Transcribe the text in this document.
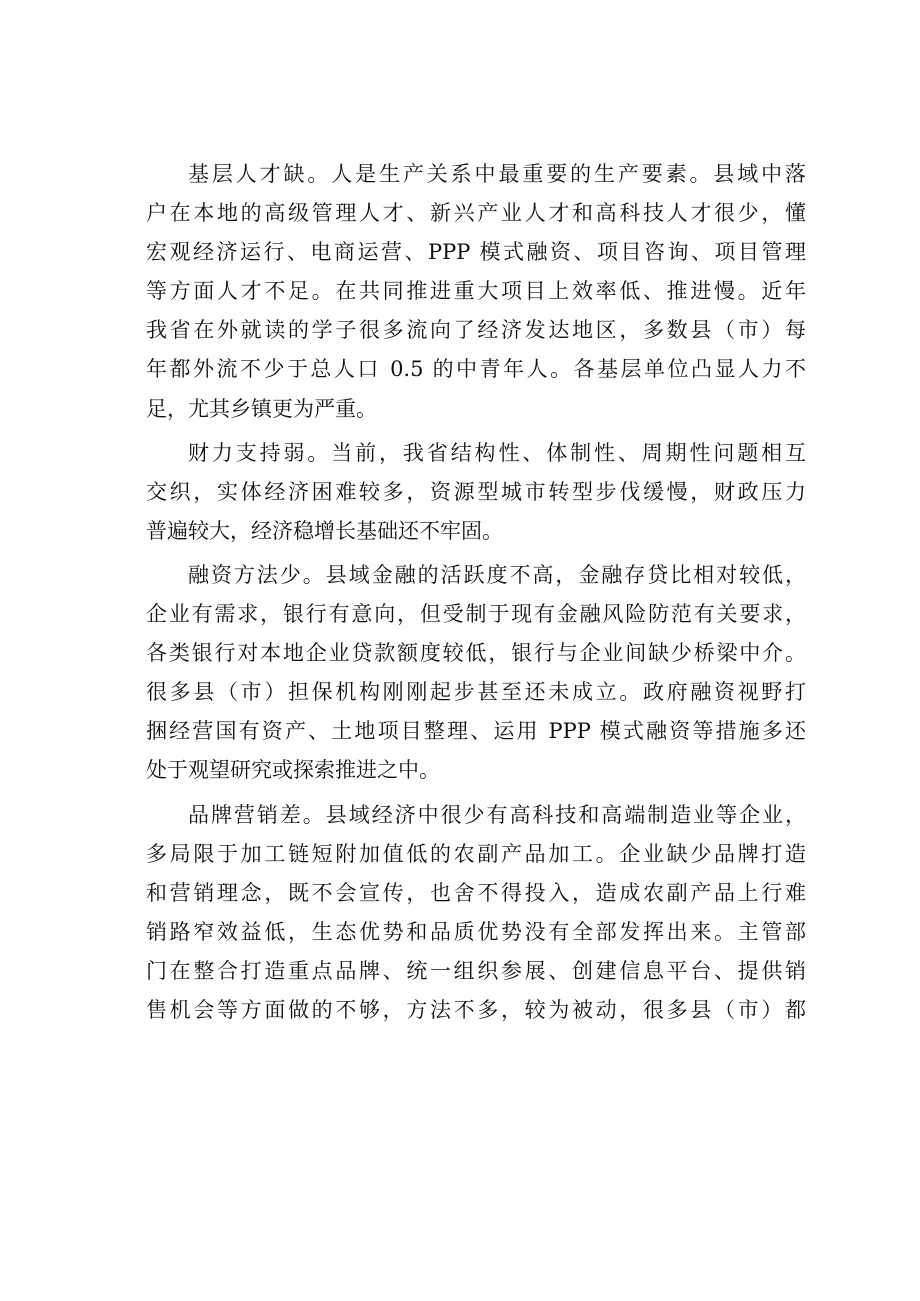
基层人才缺。人是生产关系中最重要的生产要素。县域中落
户在本地的高级管理人才、新兴产业人才和高科技人才很少，懂
宏观经济运行、电商运营、PPP 模式融资、项目咨询、项目管理
等方面人才不足。在共同推进重大项目上效率低、推进慢。近年
我省在外就读的学子很多流向了经济发达地区，多数县（市）每
年都外流不少于总人口 0.5 的中青年人。各基层单位凸显人力不
足，尤其乡镇更为严重。

财力支持弱。当前，我省结构性、体制性、周期性问题相互
交织，实体经济困难较多，资源型城市转型步伐缓慢，财政压力
普遍较大，经济稳增长基础还不牢固。

融资方法少。县域金融的活跃度不高，金融存贷比相对较低，
企业有需求，银行有意向，但受制于现有金融风险防范有关要求，
各类银行对本地企业贷款额度较低，银行与企业间缺少桥梁中介。
很多县（市）担保机构刚刚起步甚至还未成立。政府融资视野打
捆经营国有资产、土地项目整理、运用 PPP 模式融资等措施多还
处于观望研究或探索推进之中。

品牌营销差。县域经济中很少有高科技和高端制造业等企业，
多局限于加工链短附加值低的农副产品加工。企业缺少品牌打造
和营销理念，既不会宣传，也舍不得投入，造成农副产品上行难
销路窄效益低，生态优势和品质优势没有全部发挥出来。主管部
门在整合打造重点品牌、统一组织参展、创建信息平台、提供销
售机会等方面做的不够，方法不多，较为被动，很多县（市）都
